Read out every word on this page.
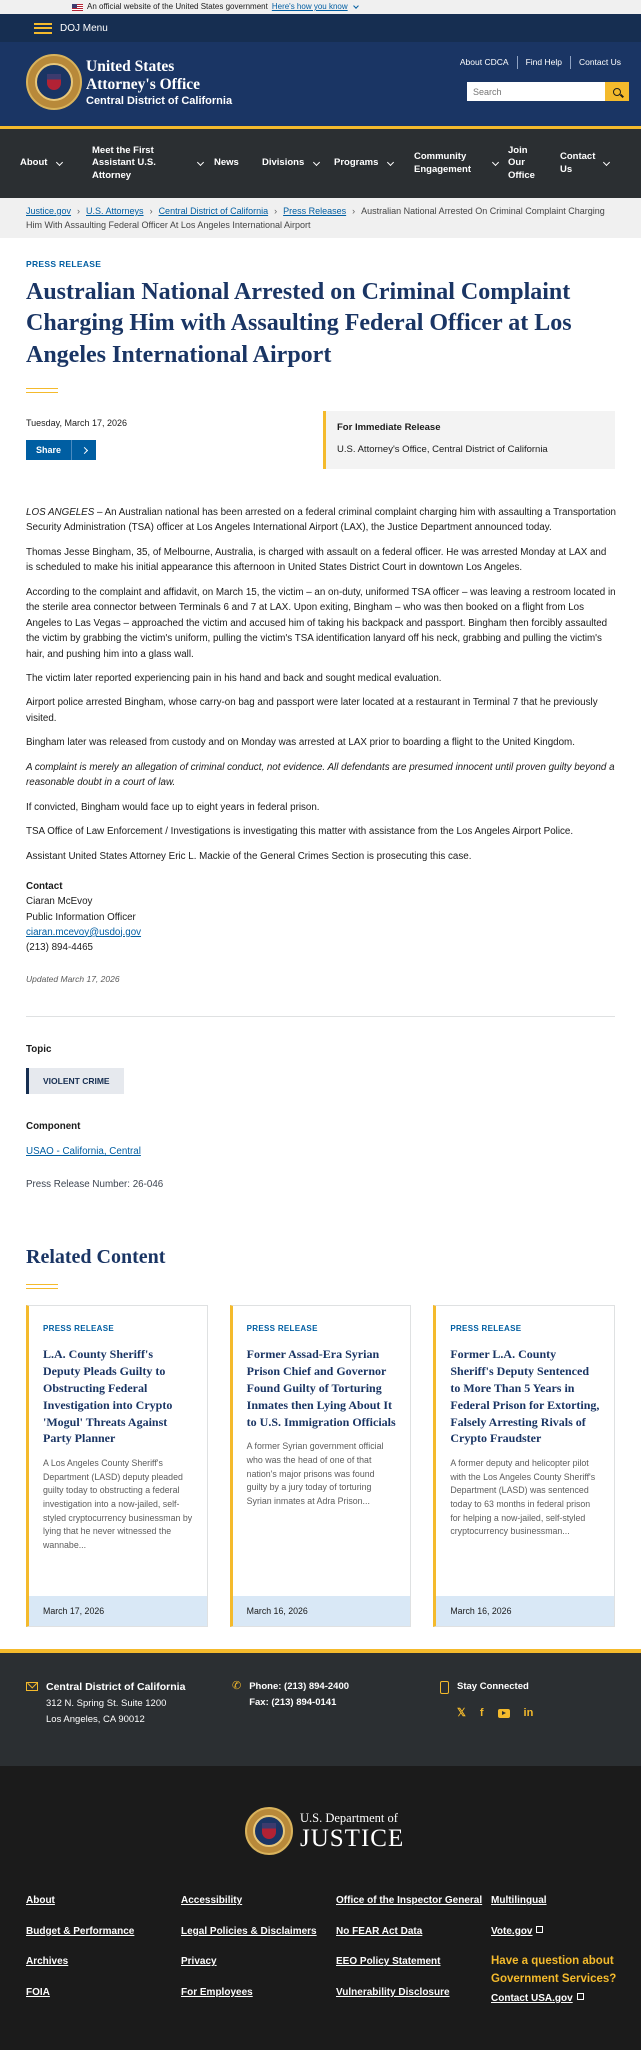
An official website of the United States government Here's how you know
DOJ Menu
United States
Attorney's Office
Central District of California
About CDCA	Find Help	Contact Us
Search
About
Meet the First Assistant U.S. Attorney
News Divisions	Programs
Community Engagement
Join Our Office
Contact Us
Justice.gov › U.S. Attorneys › Central District of California › Press Releases › Australian National Arrested On Criminal Complaint Charging Him With Assaulting Federal Officer At Los Angeles International Airport
PRESS RELEASE
Australian National Arrested on Criminal Complaint Charging Him with Assaulting Federal Officer at Los Angeles International Airport
Tuesday, March 17, 2026
Share
For Immediate Release
U.S. Attorney's Office, Central District of California

LOS ANGELES – An Australian national has been arrested on a federal criminal complaint charging him with assaulting a Transportation Security Administration (TSA) officer at Los Angeles International Airport (LAX), the Justice Department announced today.

Thomas Jesse Bingham, 35, of Melbourne, Australia, is charged with assault on a federal officer. He was arrested Monday at LAX and is scheduled to make his initial appearance this afternoon in United States District Court in downtown Los Angeles.

According to the complaint and affidavit, on March 15, the victim – an on-duty, uniformed TSA officer – was leaving a restroom located in the sterile area connector between Terminals 6 and 7 at LAX. Upon exiting, Bingham – who was then booked on a flight from Los Angeles to Las Vegas – approached the victim and accused him of taking his backpack and passport. Bingham then forcibly assaulted the victim by grabbing the victim's uniform, pulling the victim's TSA identification lanyard off his neck, grabbing and pulling the victim's hair, and pushing him into a glass wall.

The victim later reported experiencing pain in his hand and back and sought medical evaluation.

Airport police arrested Bingham, whose carry-on bag and passport were later located at a restaurant in Terminal 7 that he previously visited.

Bingham later was released from custody and on Monday was arrested at LAX prior to boarding a flight to the United Kingdom.

A complaint is merely an allegation of criminal conduct, not evidence. All defendants are presumed innocent until proven guilty beyond a reasonable doubt in a court of law.

If convicted, Bingham would face up to eight years in federal prison.

TSA Office of Law Enforcement / Investigations is investigating this matter with assistance from the Los Angeles Airport Police.

Assistant United States Attorney Eric L. Mackie of the General Crimes Section is prosecuting this case.

Contact
Ciaran McEvoy
Public Information Officer
ciaran.mcevoy@usdoj.gov
(213) 894-4465
Updated March 17, 2026
Topic
VIOLENT CRIME
Component
USAO - California, Central
Press Release Number: 26-046
Related Content
PRESS RELEASE
L.A. County Sheriff's Deputy Pleads Guilty to Obstructing Federal Investigation into Crypto 'Mogul' Threats Against Party Planner
A Los Angeles County Sheriff's Department (LASD) deputy pleaded guilty today to obstructing a federal investigation into a now-jailed, self-styled cryptocurrency businessman by lying that he never witnessed the wannabe...
March 17, 2026
PRESS RELEASE
Former Assad-Era Syrian Prison Chief and Governor Found Guilty of Torturing Inmates then Lying About It to U.S. Immigration Officials
A former Syrian government official who was the head of one of that nation's major prisons was found guilty by a jury today of torturing Syrian inmates at Adra Prison...
March 16, 2026
PRESS RELEASE
Former L.A. County Sheriff's Deputy Sentenced to More Than 5 Years in Federal Prison for Extorting, Falsely Arresting Rivals of Crypto Fraudster
A former deputy and helicopter pilot with the Los Angeles County Sheriff's Department (LASD) was sentenced today to 63 months in federal prison for helping a now-jailed, self-styled cryptocurrency businessman...
March 16, 2026
Central District of California
312 N. Spring St. Suite 1200
Los Angeles, CA 90012
✆ Phone: (213) 894-2400
Fax: (213) 894-0141
Stay Connected
𝕏 f	in
U.S. Department of
JUSTICE
About
Budget & Performance
Archives
FOIA
Accessibility
Legal Policies & Disclaimers
Privacy
For Employees
Office of the Inspector General
No FEAR Act Data
EEO Policy Statement
Vulnerability Disclosure
Multilingual
Vote.gov
Have a question about Government Services?
Contact USA.gov
